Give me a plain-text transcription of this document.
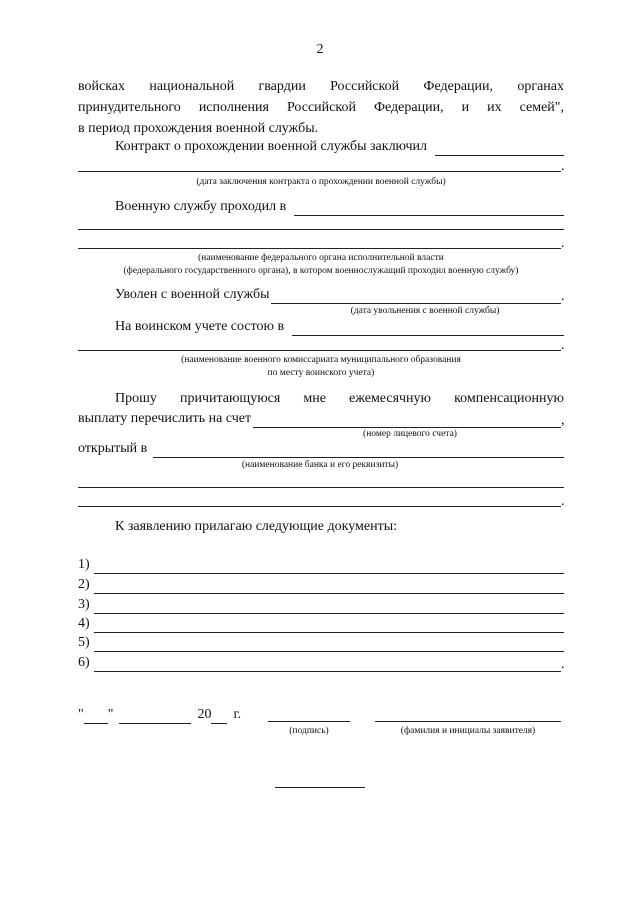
2
войсках национальной гвардии Российской Федерации, органах
принудительного исполнения Российской Федерации, и их семей",
в период прохождения военной службы.
Контракт о прохождении военной службы заключил
.
(дата заключения контракта о прохождении военной службы)
Военную службу проходил в
.
(наименование федерального органа исполнительной власти
(федерального государственного органа), в котором военнослужащий проходил военную службу)
Уволен с военной службы	.
(дата увольнения с военной службы)
На воинском учете состою в
.
(наименование военного комиссариата муниципального образования
по месту воинского учета)
Прошу причитающуюся мне ежемесячную компенсационную
выплату перечислить на счет	,
(номер лицевого счета)
открытый в
(наименование банка и его реквизиты)
.
К заявлению прилагаю следующие документы:
1)
2)
3)
4)
5)
6)	.
" "	20 г.
(подпись)	(фамилия и инициалы заявителя)
